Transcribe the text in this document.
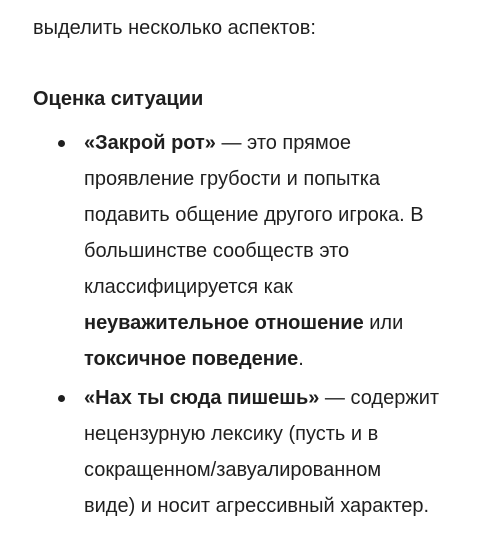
выделить несколько аспектов:
Оценка ситуации
«Закрой рот» — это прямое
проявление грубости и попытка
подавить общение другого игрока. В
большинстве сообществ это
классифицируется как
неуважительное отношение или
токсичное поведение.
«Нах ты сюда пишешь» — содержит
нецензурную лексику (пусть и в
сокращенном/завуалированном
виде) и носит агрессивный характер.
